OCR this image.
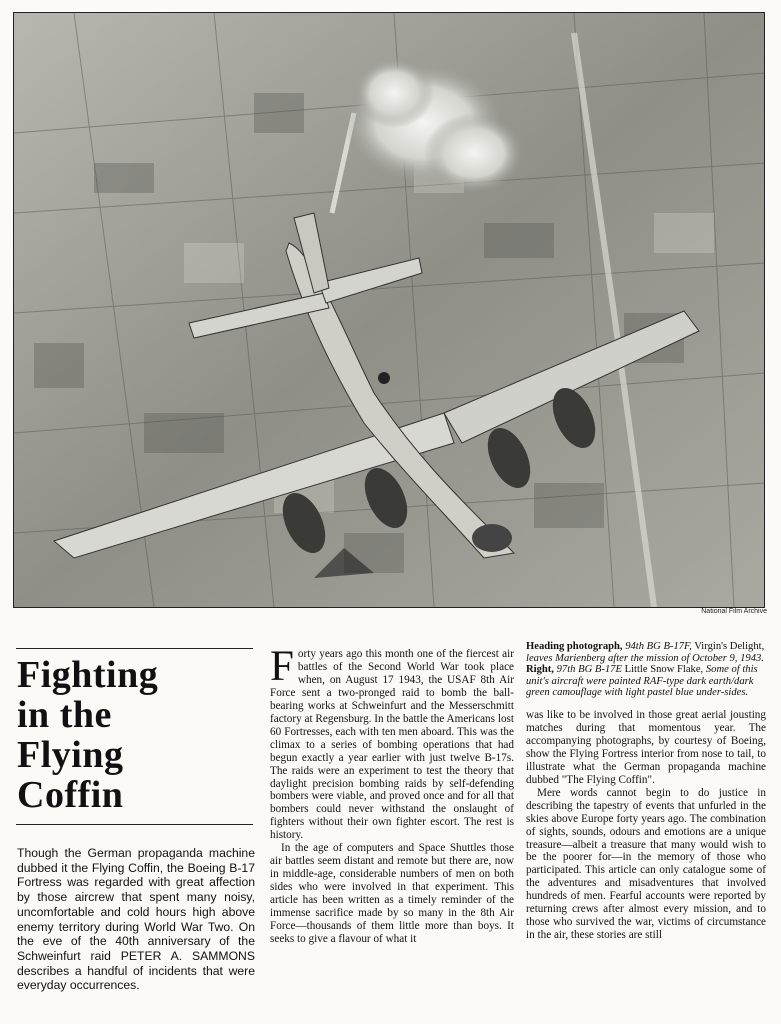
National Film Archive
Fighting
in the
Flying
Coffin
Though the German propaganda machine dubbed it the Flying Coffin, the Boeing B-17 Fortress was regarded with great affection by those aircrew that spent many noisy, uncomfortable and cold hours high above enemy territory during World War Two. On the eve of the 40th anniversary of the Schweinfurt raid PETER A. SAMMONS describes a handful of incidents that were everyday occurrences.

Forty years ago this month one of the fiercest air battles of the Second World War took place when, on August 17 1943, the USAF 8th Air Force sent a two-pronged raid to bomb the ball-bearing works at Schweinfurt and the Messerschmitt factory at Regensburg. In the battle the Americans lost 60 Fortresses, each with ten men aboard. This was the climax to a series of bombing operations that had begun exactly a year earlier with just twelve B-17s. The raids were an experiment to test the theory that daylight precision bombing raids by self-defending bombers were viable, and proved once and for all that bombers could never withstand the onslaught of fighters without their own fighter escort. The rest is history.

In the age of computers and Space Shuttles those air battles seem distant and remote but there are, now in middle-age, considerable numbers of men on both sides who were involved in that experiment. This article has been written as a timely reminder of the immense sacrifice made by so many in the 8th Air Force—thousands of them little more than boys. It seeks to give a flavour of what it

Heading photograph, 94th BG B-17F, Virgin's Delight, leaves Marienberg after the mission of October 9, 1943. Right, 97th BG B-17E Little Snow Flake, Some of this unit's aircraft were painted RAF-type dark earth/dark green camouflage with light pastel blue under-sides.

was like to be involved in those great aerial jousting matches during that momentous year. The accompanying photographs, by courtesy of Boeing, show the Flying Fortress interior from nose to tail, to illustrate what the German propaganda machine dubbed "The Flying Coffin".

Mere words cannot begin to do justice in describing the tapestry of events that unfurled in the skies above Europe forty years ago. The combination of sights, sounds, odours and emotions are a unique treasure—albeit a treasure that many would wish to be the poorer for—in the memory of those who participated. This article can only catalogue some of the adventures and misadventures that involved hundreds of men. Fearful accounts were reported by returning crews after almost every mission, and to those who survived the war, victims of circumstance in the air, these stories are still
